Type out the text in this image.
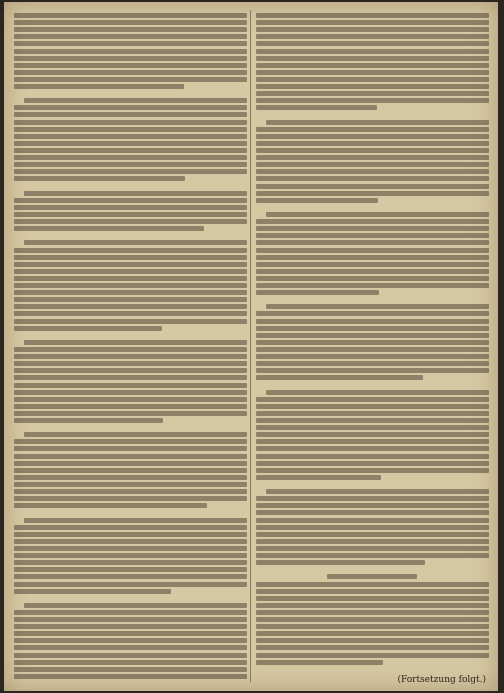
(Fortsetzung folgt.)
